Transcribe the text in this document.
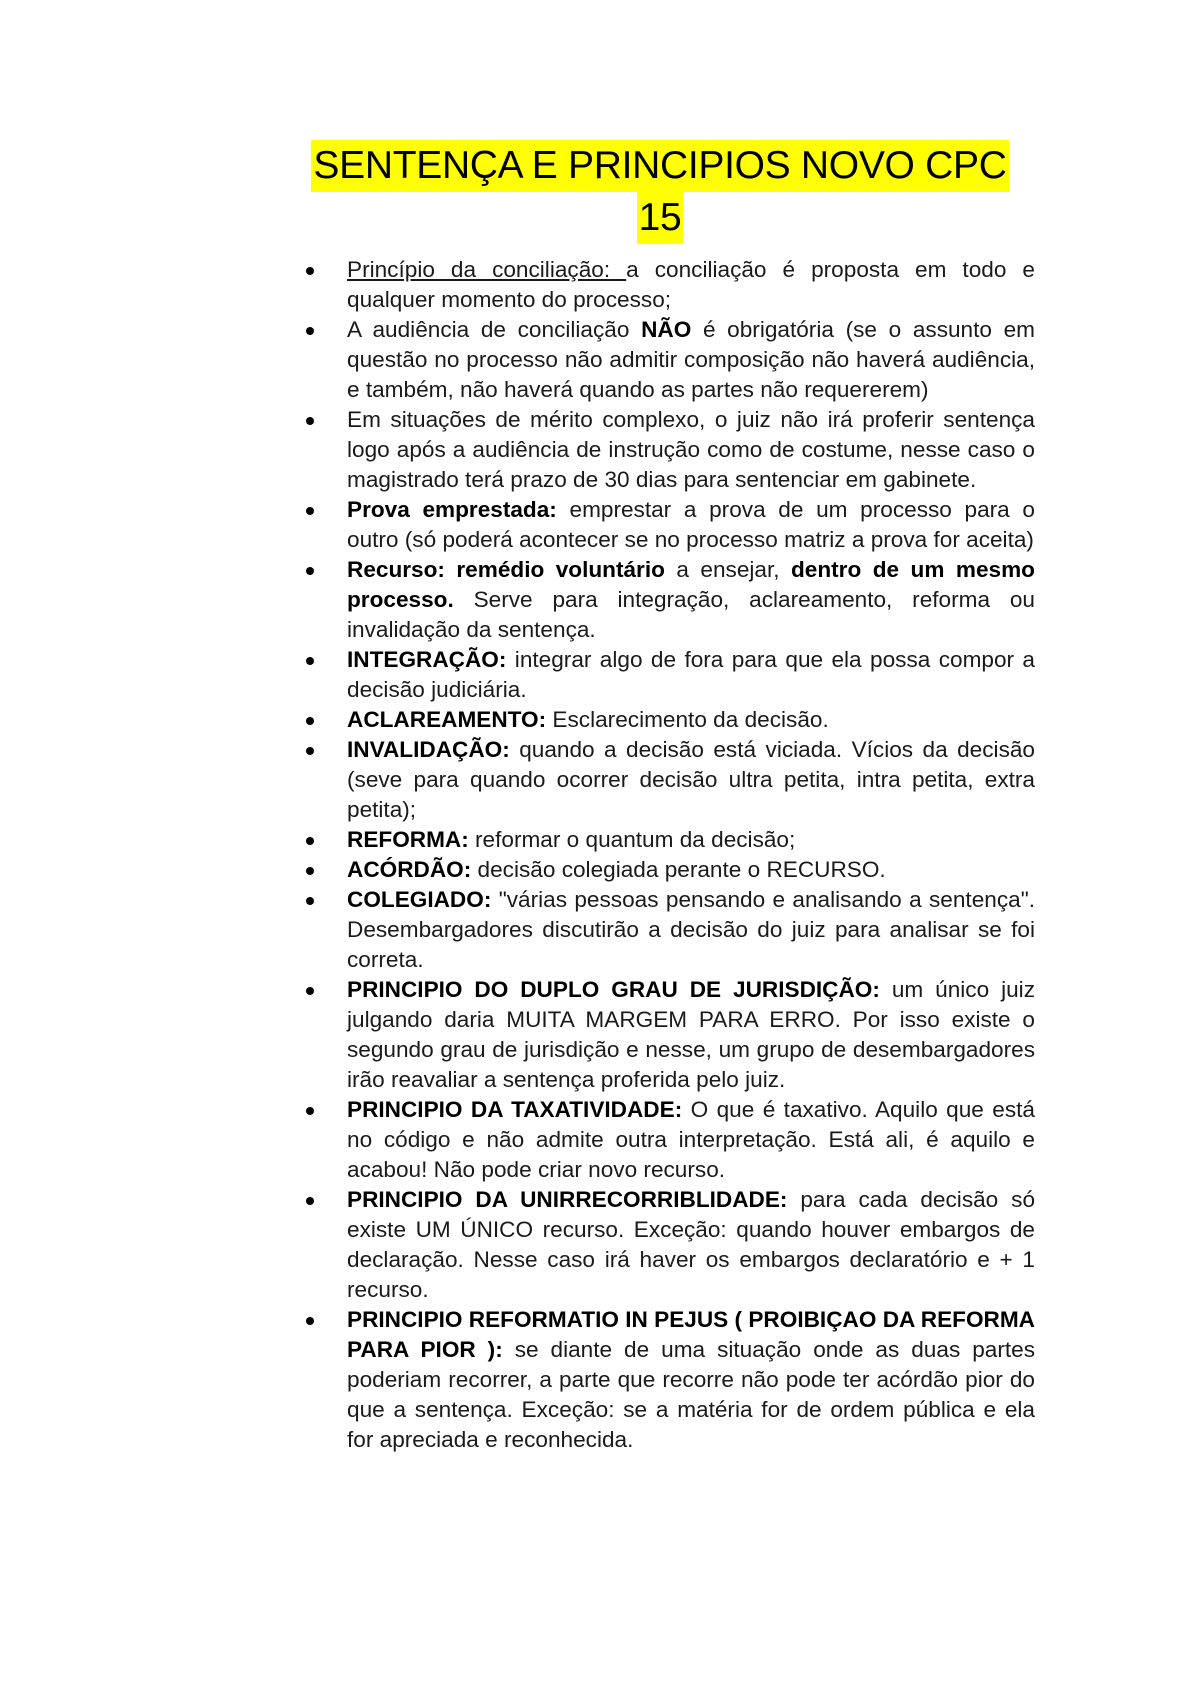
SENTENÇA E PRINCIPIOS NOVO CPC
15
Princípio da conciliação: a conciliação é proposta em todo e qualquer momento do processo;
A audiência de conciliação NÃO é obrigatória (se o assunto em questão no processo não admitir composição não haverá audiência, e também, não haverá quando as partes não requererem)
Em situações de mérito complexo, o juiz não irá proferir sentença logo após a audiência de instrução como de costume, nesse caso o magistrado terá prazo de 30 dias para sentenciar em gabinete.
Prova emprestada: emprestar a prova de um processo para o outro (só poderá acontecer se no processo matriz a prova for aceita)
Recurso: remédio voluntário a ensejar, dentro de um mesmo processo. Serve para integração, aclareamento, reforma ou invalidação da sentença.
INTEGRAÇÃO: integrar algo de fora para que ela possa compor a decisão judiciária.
ACLAREAMENTO: Esclarecimento da decisão.
INVALIDAÇÃO: quando a decisão está viciada. Vícios da decisão (seve para quando ocorrer decisão ultra petita, intra petita, extra petita);
REFORMA: reformar o quantum da decisão;
ACÓRDÃO: decisão colegiada perante o RECURSO.
COLEGIADO: "várias pessoas pensando e analisando a sentença". Desembargadores discutirão a decisão do juiz para analisar se foi correta.
PRINCIPIO DO DUPLO GRAU DE JURISDIÇÃO: um único juiz julgando daria MUITA MARGEM PARA ERRO. Por isso existe o segundo grau de jurisdição e nesse, um grupo de desembargadores irão reavaliar a sentença proferida pelo juiz.
PRINCIPIO DA TAXATIVIDADE: O que é taxativo. Aquilo que está no código e não admite outra interpretação. Está ali, é aquilo e acabou! Não pode criar novo recurso.
PRINCIPIO DA UNIRRECORRIBLIDADE: para cada decisão só existe UM ÚNICO recurso. Exceção: quando houver embargos de declaração. Nesse caso irá haver os embargos declaratório e + 1 recurso.
PRINCIPIO REFORMATIO IN PEJUS ( PROIBIÇAO DA REFORMA PARA PIOR ): se diante de uma situação onde as duas partes poderiam recorrer, a parte que recorre não pode ter acórdão pior do que a sentença. Exceção: se a matéria for de ordem pública e ela for apreciada e reconhecida.
